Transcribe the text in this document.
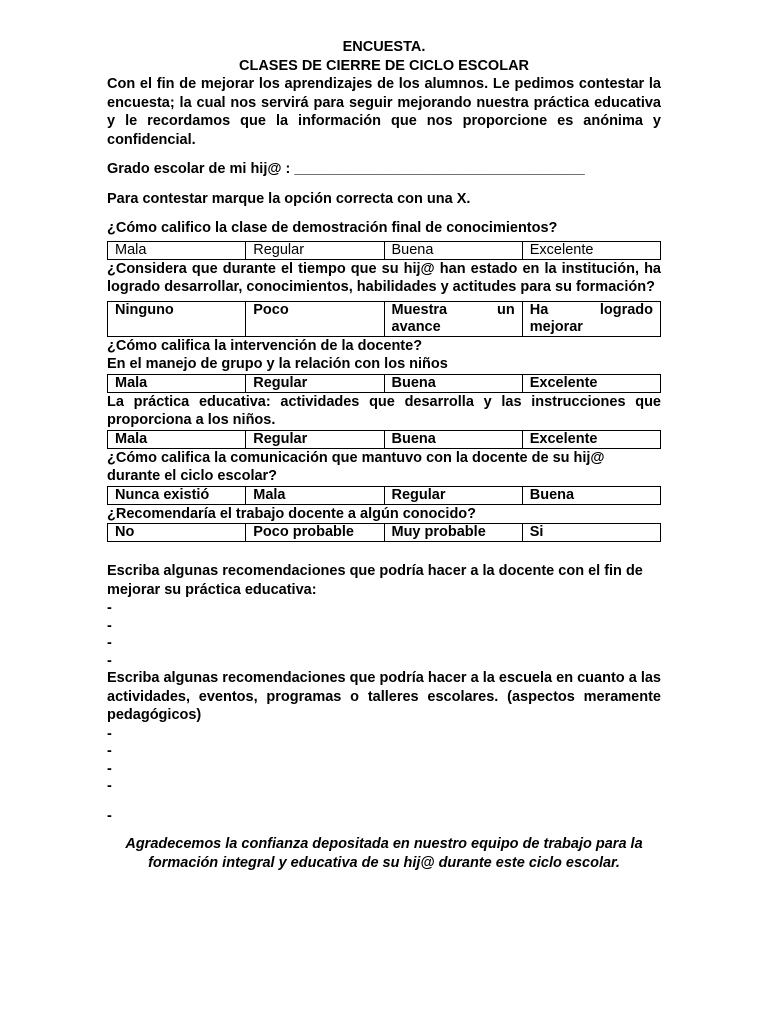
ENCUESTA.

CLASES DE CIERRE DE CICLO ESCOLAR

Con el fin de mejorar los aprendizajes de los alumnos. Le pedimos contestar la encuesta; la cual nos servirá para seguir mejorando nuestra práctica educativa y le recordamos que la información que nos proporcione es anónima y confidencial.

Grado escolar de mi hij@ : ____________________________________

Para contestar marque la opción correcta con una X.

¿Cómo califico la clase de demostración final de conocimientos?

Mala	Regular	Buena	Excelente

¿Considera que durante el tiempo que su hij@ han estado en la institución, ha logrado desarrollar, conocimientos, habilidades y actitudes para su formación?

Ninguno	Poco	Muestra un avance	Ha logrado mejorar

¿Cómo califica la intervención de la docente?

En el manejo de grupo y la relación con los niños

Mala	Regular	Buena	Excelente

La práctica educativa: actividades que desarrolla y las instrucciones que proporciona a los niños.

Mala	Regular	Buena	Excelente

¿Cómo califica la comunicación que mantuvo con la docente de su hij@ durante el ciclo escolar?

Nunca existió	Mala	Regular	Buena

¿Recomendaría el trabajo docente a algún conocido?

No	Poco probable	Muy probable	Si

Escriba algunas recomendaciones que podría hacer a la docente con el fin de mejorar su práctica educativa:

-

-

-

-

Escriba algunas recomendaciones que podría hacer a la escuela en cuanto a las actividades, eventos, programas o talleres escolares. (aspectos meramente pedagógicos)

-

-

-

-

-

Agradecemos la confianza depositada en nuestro equipo de trabajo para la formación integral y educativa de su hij@ durante este ciclo escolar.
